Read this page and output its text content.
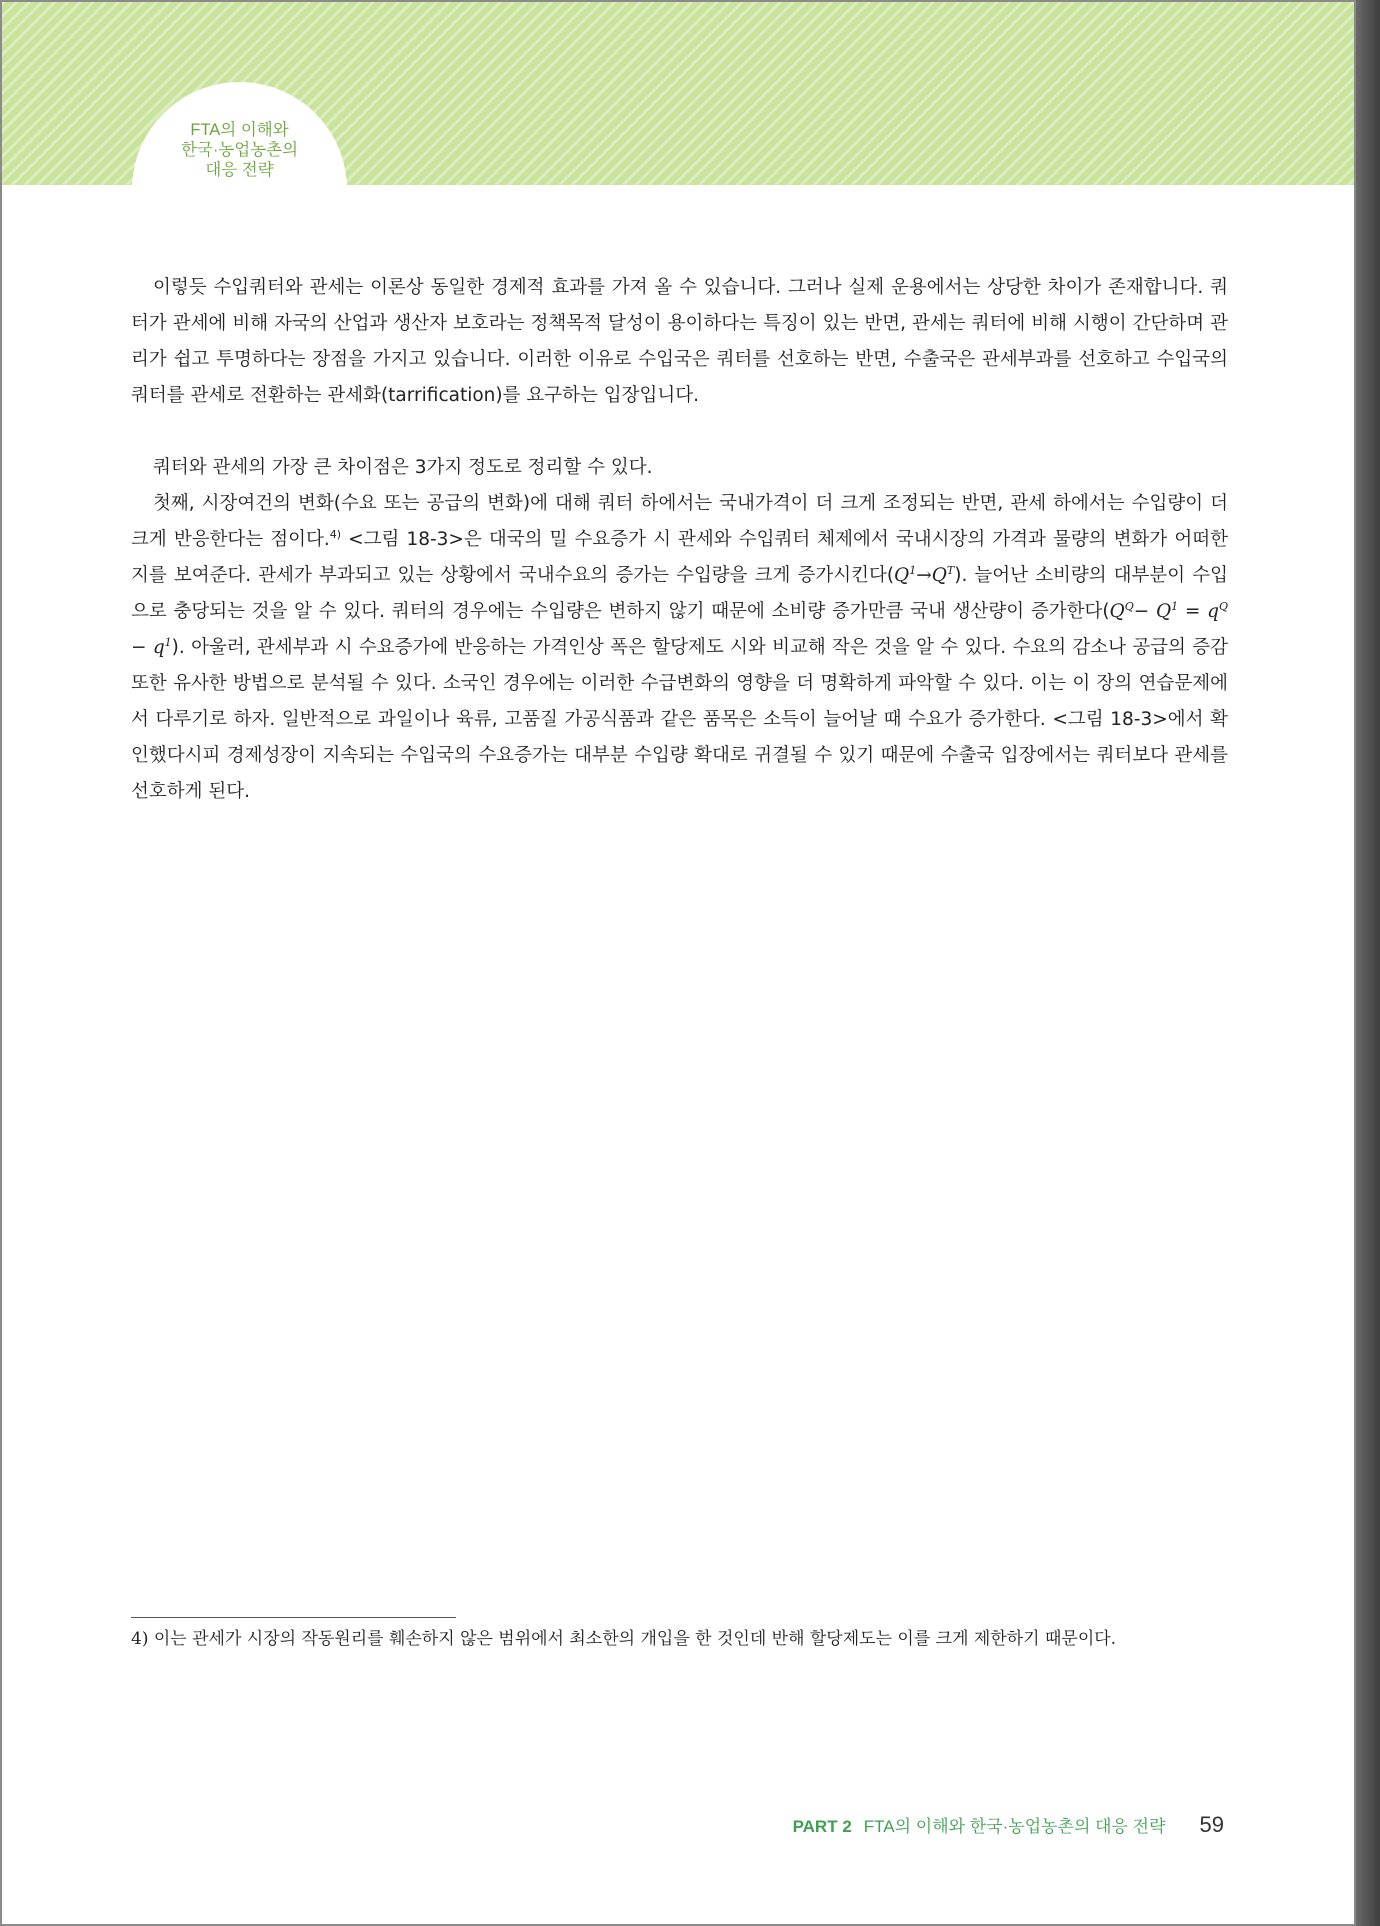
FTA의 이해와
한국·농업농촌의
대응 전략

이렇듯 수입쿼터와 관세는 이론상 동일한 경제적 효과를 가져 올 수 있습니다. 그러나 실제 운용에서는 상당한 차이가 존재합니다. 쿼터가 관세에 비해 자국의 산업과 생산자 보호라는 정책목적 달성이 용이하다는 특징이 있는 반면, 관세는 쿼터에 비해 시행이 간단하며 관리가 쉽고 투명하다는 장점을 가지고 있습니다. 이러한 이유로 수입국은 쿼터를 선호하는 반면, 수출국은 관세부과를 선호하고 수입국의 쿼터를 관세로 전환하는 관세화(tarrification)를 요구하는 입장입니다.

쿼터와 관세의 가장 큰 차이점은 3가지 정도로 정리할 수 있다.

첫째, 시장여건의 변화(수요 또는 공급의 변화)에 대해 쿼터 하에서는 국내가격이 더 크게 조정되는 반면, 관세 하에서는 수입량이 더 크게 반응한다는 점이다.$^{4)}$ <그림 18-3>은 대국의 밀 수요증가 시 관세와 수입쿼터 체제에서 국내시장의 가격과 물량의 변화가 어떠한 지를 보여준다. 관세가 부과되고 있는 상황에서 국내수요의 증가는 수입량을 크게 증가시킨다$(Q^1\to Q^T)$. 늘어난 소비량의 대부분이 수입으로 충당되는 것을 알 수 있다. 쿼터의 경우에는 수입량은 변하지 않기 때문에 소비량 증가만큼 국내 생산량이 증가한다$(Q^Q- Q^1 = q^Q - q^1)$. 아울러, 관세부과 시 수요증가에 반응하는 가격인상 폭은 할당제도 시와 비교해 작은 것을 알 수 있다. 수요의 감소나 공급의 증감 또한 유사한 방법으로 분석될 수 있다. 소국인 경우에는 이러한 수급변화의 영향을 더 명확하게 파악할 수 있다. 이는 이 장의 연습문제에서 다루기로 하자. 일반적으로 과일이나 육류, 고품질 가공식품과 같은 품목은 소득이 늘어날 때 수요가 증가한다. <그림 18-3>에서 확인했다시피 경제성장이 지속되는 수입국의 수요증가는 대부분 수입량 확대로 귀결될 수 있기 때문에 수출국 입장에서는 쿼터보다 관세를 선호하게 된다.

4) 이는 관세가 시장의 작동원리를 훼손하지 않은 범위에서 최소한의 개입을 한 것인데 반해 할당제도는 이를 크게 제한하기 때문이다.
PART 2 FTA의 이해와 한국·농업농촌의 대응 전략 59
